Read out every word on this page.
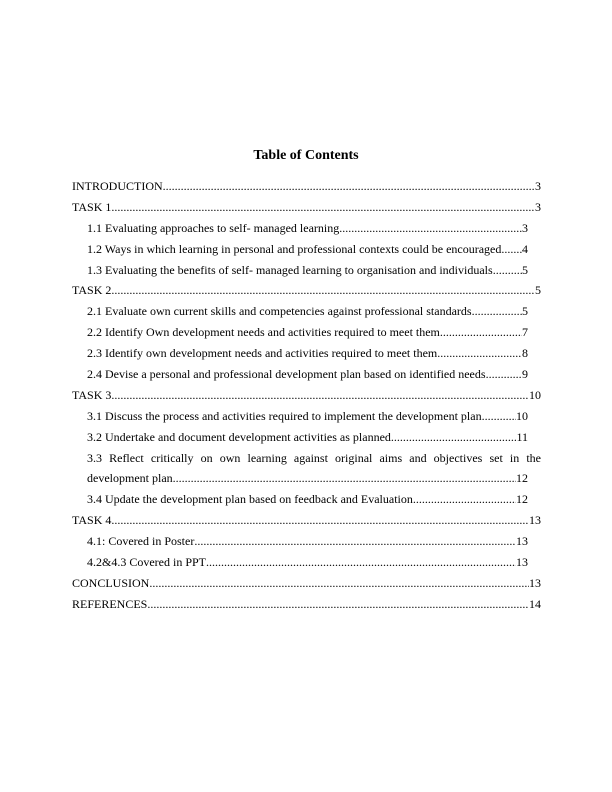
Table of Contents
INTRODUCTION .....	3
TASK 1 .....	3
1.1 Evaluating approaches to self- managed learning .....	3
1.2 Ways in which learning in personal and professional contexts could be encouraged ..... 4
1.3 Evaluating the benefits of self- managed learning to organisation and individuals ..... 5
TASK 2 .....	5
2.1 Evaluate own current skills and competencies against professional standards .....	5
2.2 Identify Own development needs and activities required to meet them. .....	7
2.3 Identify own development needs and activities required to meet them .....	8
2.4 Devise a personal and professional development plan based on identified needs .....	9
TASK 3 .....	10
3.1 Discuss the process and activities required to implement the development plan .....	10
3.2 Undertake and document development activities as planned .....	11
3.3 Reflect critically on own learning against original aims and objectives set in the
development plan .....	12
3.4 Update the development plan based on feedback and Evaluation .....	12
TASK 4 .....	13
4.1: Covered in Poster .....	13
4.2&4.3 Covered in PPT .....	13
CONCLUSION .....	13
REFERENCES .....	14
